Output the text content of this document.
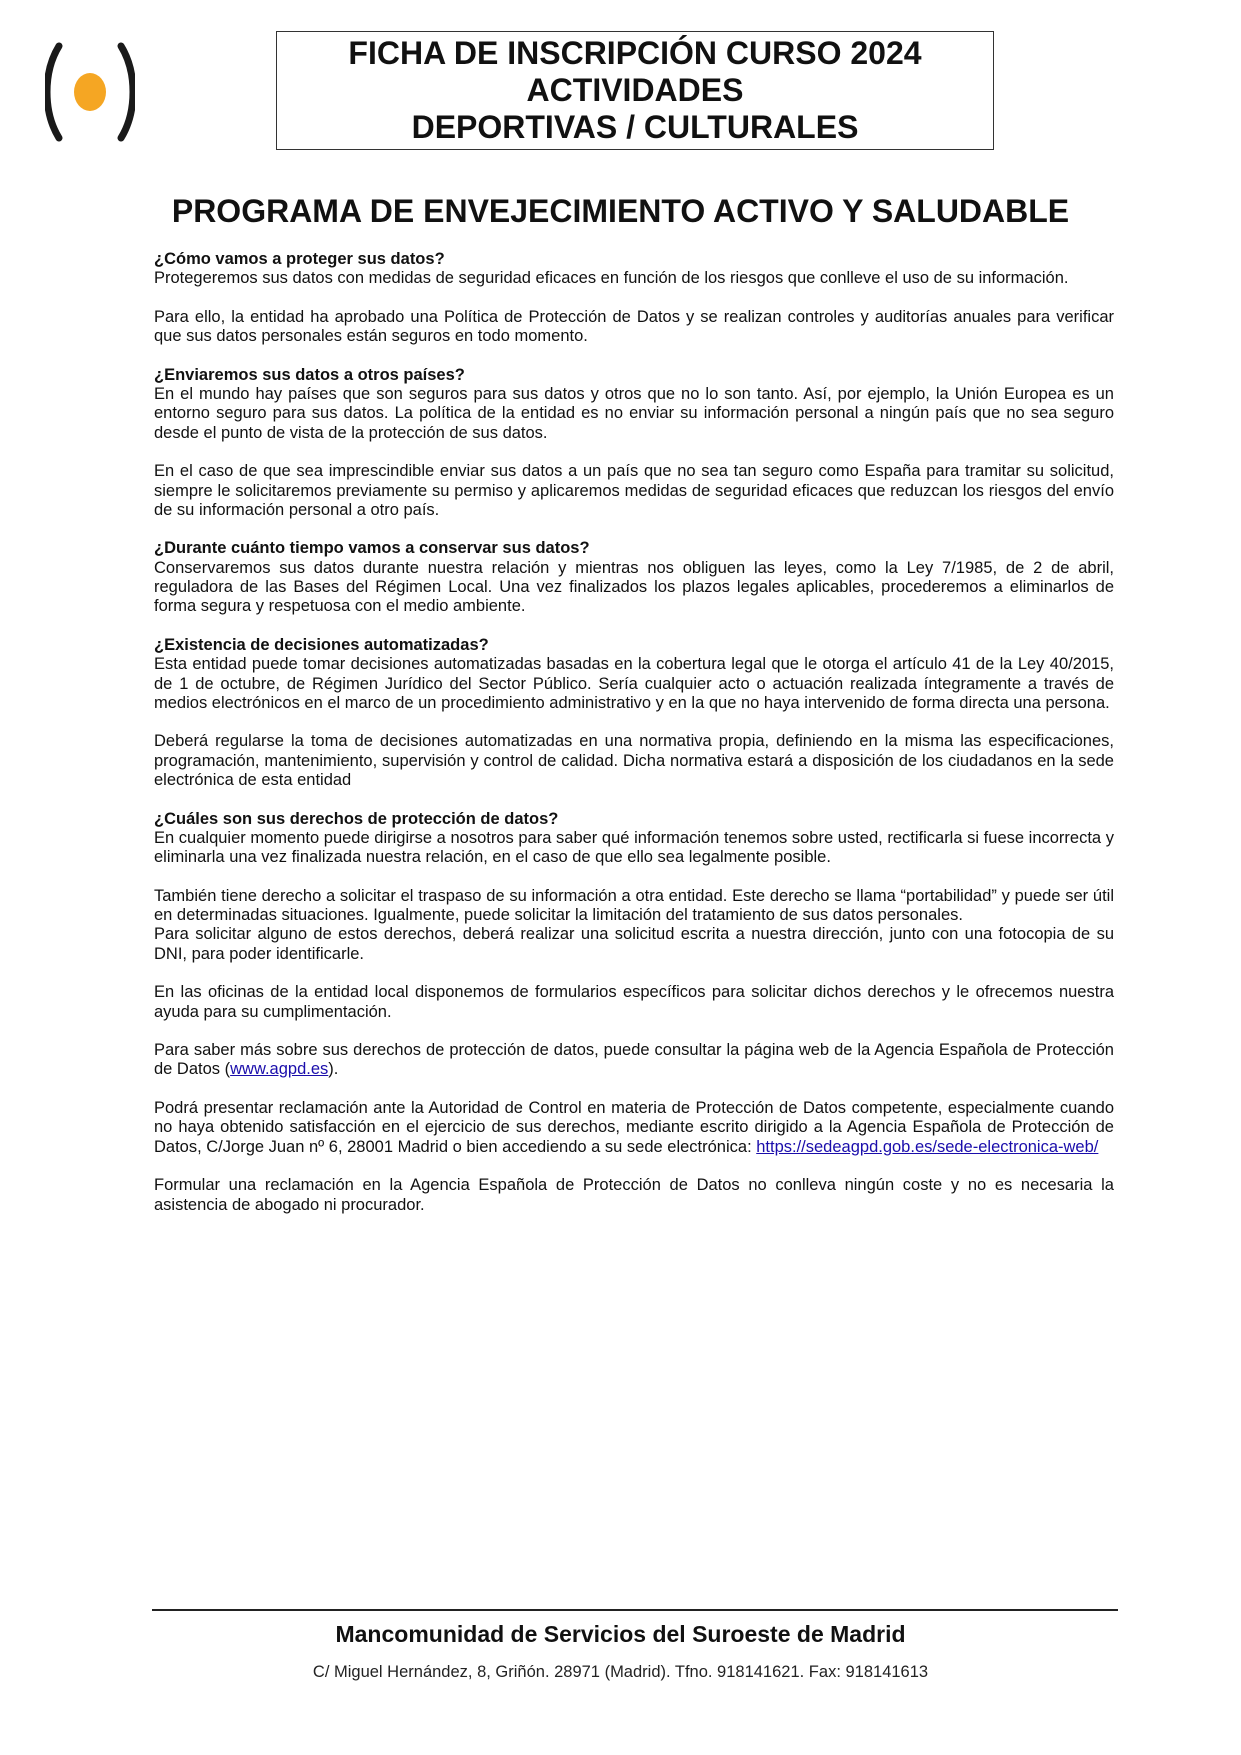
FICHA DE INSCRIPCIÓN CURSO 2024
ACTIVIDADES
DEPORTIVAS / CULTURALES
PROGRAMA DE ENVEJECIMIENTO ACTIVO Y SALUDABLE
¿Cómo vamos a proteger sus datos?

Protegeremos sus datos con medidas de seguridad eficaces en función de los riesgos que conlleve el uso de su información.

Para ello, la entidad ha aprobado una Política de Protección de Datos y se realizan controles y auditorías anuales para verificar que sus datos personales están seguros en todo momento.

¿Enviaremos sus datos a otros países?

En el mundo hay países que son seguros para sus datos y otros que no lo son tanto. Así, por ejemplo, la Unión Europea es un entorno seguro para sus datos. La política de la entidad es no enviar su información personal a ningún país que no sea seguro desde el punto de vista de la protección de sus datos.

En el caso de que sea imprescindible enviar sus datos a un país que no sea tan seguro como España para tramitar su solicitud, siempre le solicitaremos previamente su permiso y aplicaremos medidas de seguridad eficaces que reduzcan los riesgos del envío de su información personal a otro país.

¿Durante cuánto tiempo vamos a conservar sus datos?

Conservaremos sus datos durante nuestra relación y mientras nos obliguen las leyes, como la Ley 7/1985, de 2 de abril, reguladora de las Bases del Régimen Local. Una vez finalizados los plazos legales aplicables, procederemos a eliminarlos de forma segura y respetuosa con el medio ambiente.

¿Existencia de decisiones automatizadas?

Esta entidad puede tomar decisiones automatizadas basadas en la cobertura legal que le otorga el artículo 41 de la Ley 40/2015, de 1 de octubre, de Régimen Jurídico del Sector Público. Sería cualquier acto o actuación realizada íntegramente a través de medios electrónicos en el marco de un procedimiento administrativo y en la que no haya intervenido de forma directa una persona.

Deberá regularse la toma de decisiones automatizadas en una normativa propia, definiendo en la misma las especificaciones, programación, mantenimiento, supervisión y control de calidad. Dicha normativa estará a disposición de los ciudadanos en la sede electrónica de esta entidad

¿Cuáles son sus derechos de protección de datos?

En cualquier momento puede dirigirse a nosotros para saber qué información tenemos sobre usted, rectificarla si fuese incorrecta y eliminarla una vez finalizada nuestra relación, en el caso de que ello sea legalmente posible.

También tiene derecho a solicitar el traspaso de su información a otra entidad. Este derecho se llama “portabilidad” y puede ser útil en determinadas situaciones. Igualmente, puede solicitar la limitación del tratamiento de sus datos personales.

Para solicitar alguno de estos derechos, deberá realizar una solicitud escrita a nuestra dirección, junto con una fotocopia de su DNI, para poder identificarle.

En las oficinas de la entidad local disponemos de formularios específicos para solicitar dichos derechos y le ofrecemos nuestra ayuda para su cumplimentación.

Para saber más sobre sus derechos de protección de datos, puede consultar la página web de la Agencia Española de Protección de Datos (www.agpd.es).

Podrá presentar reclamación ante la Autoridad de Control en materia de Protección de Datos competente, especialmente cuando no haya obtenido satisfacción en el ejercicio de sus derechos, mediante escrito dirigido a la Agencia Española de Protección de Datos, C/Jorge Juan nº 6, 28001 Madrid o bien accediendo a su sede electrónica: https://sedeagpd.gob.es/sede-electronica-web/

Formular una reclamación en la Agencia Española de Protección de Datos no conlleva ningún coste y no es necesaria la asistencia de abogado ni procurador.

Mancomunidad de Servicios del Suroeste de Madrid
C/ Miguel Hernández, 8, Griñón. 28971 (Madrid). Tfno. 918141621. Fax: 918141613
